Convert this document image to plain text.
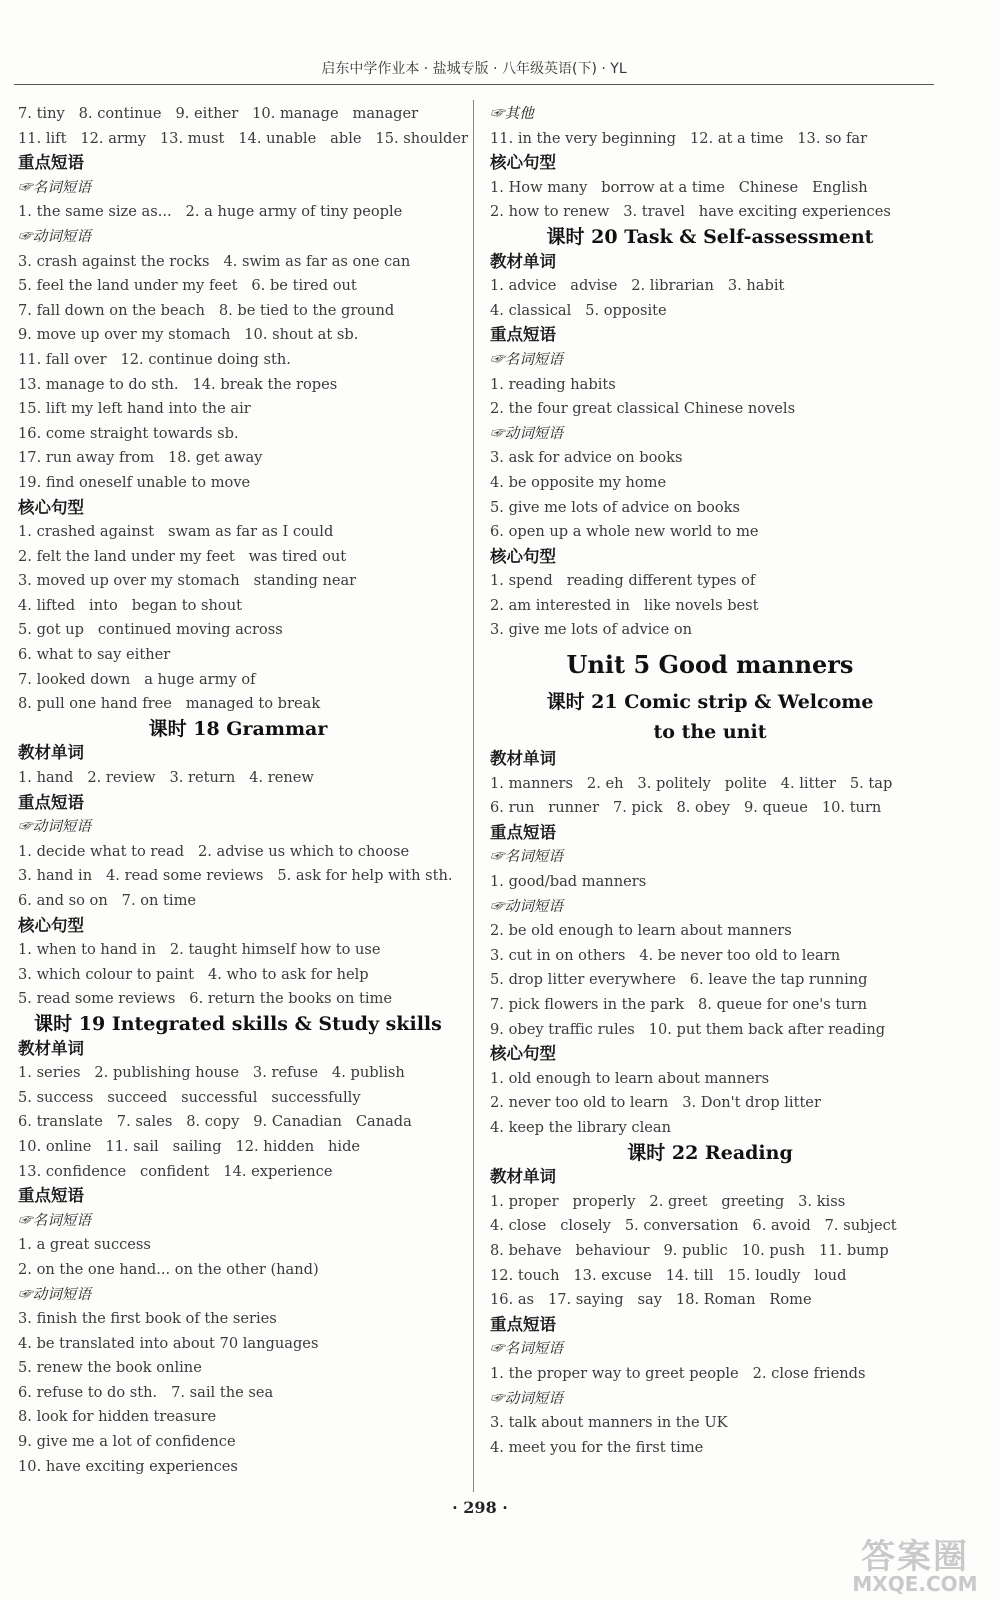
启东中学作业本 · 盐城专版 · 八年级英语(下) · YL
7. tiny   8. continue   9. either   10. manage   manager
11. lift   12. army   13. must   14. unable   able   15. shoulder
重点短语
☞名词短语
1. the same size as...   2. a huge army of tiny people
☞动词短语
3. crash against the rocks   4. swim as far as one can
5. feel the land under my feet   6. be tired out
7. fall down on the beach   8. be tied to the ground
9. move up over my stomach   10. shout at sb.
11. fall over   12. continue doing sth.
13. manage to do sth.   14. break the ropes
15. lift my left hand into the air
16. come straight towards sb.
17. run away from   18. get away
19. find oneself unable to move
核心句型
1. crashed against   swam as far as I could
2. felt the land under my feet   was tired out
3. moved up over my stomach   standing near
4. lifted   into   began to shout
5. got up   continued moving across
6. what to say either
7. looked down   a huge army of
8. pull one hand free   managed to break
课时 18 Grammar
教材单词
1. hand   2. review   3. return   4. renew
重点短语
☞动词短语
1. decide what to read   2. advise us which to choose
3. hand in   4. read some reviews   5. ask for help with sth.
6. and so on   7. on time
核心句型
1. when to hand in   2. taught himself how to use
3. which colour to paint   4. who to ask for help
5. read some reviews   6. return the books on time
课时 19 Integrated skills & Study skills
教材单词
1. series   2. publishing house   3. refuse   4. publish
5. success   succeed   successful   successfully
6. translate   7. sales   8. copy   9. Canadian   Canada
10. online   11. sail   sailing   12. hidden   hide
13. confidence   confident   14. experience
重点短语
☞名词短语
1. a great success
2. on the one hand... on the other (hand)
☞动词短语
3. finish the first book of the series
4. be translated into about 70 languages
5. renew the book online
6. refuse to do sth.   7. sail the sea
8. look for hidden treasure
9. give me a lot of confidence
10. have exciting experiences
☞其他
11. in the very beginning   12. at a time   13. so far
核心句型
1. How many   borrow at a time   Chinese   English
2. how to renew   3. travel   have exciting experiences
课时 20 Task & Self-assessment
教材单词
1. advice   advise   2. librarian   3. habit
4. classical   5. opposite
重点短语
☞名词短语
1. reading habits
2. the four great classical Chinese novels
☞动词短语
3. ask for advice on books
4. be opposite my home
5. give me lots of advice on books
6. open up a whole new world to me
核心句型
1. spend   reading different types of
2. am interested in   like novels best
3. give me lots of advice on
Unit 5 Good manners
课时 21 Comic strip & Welcome
to the unit
教材单词
1. manners   2. eh   3. politely   polite   4. litter   5. tap
6. run   runner   7. pick   8. obey   9. queue   10. turn
重点短语
☞名词短语
1. good/bad manners
☞动词短语
2. be old enough to learn about manners
3. cut in on others   4. be never too old to learn
5. drop litter everywhere   6. leave the tap running
7. pick flowers in the park   8. queue for one's turn
9. obey traffic rules   10. put them back after reading
核心句型
1. old enough to learn about manners
2. never too old to learn   3. Don't drop litter
4. keep the library clean
课时 22 Reading
教材单词
1. proper   properly   2. greet   greeting   3. kiss
4. close   closely   5. conversation   6. avoid   7. subject
8. behave   behaviour   9. public   10. push   11. bump
12. touch   13. excuse   14. till   15. loudly   loud
16. as   17. saying   say   18. Roman   Rome
重点短语
☞名词短语
1. the proper way to greet people   2. close friends
☞动词短语
3. talk about manners in the UK
4. meet you for the first time
· 298 ·
答案圈
MXQE.COM
